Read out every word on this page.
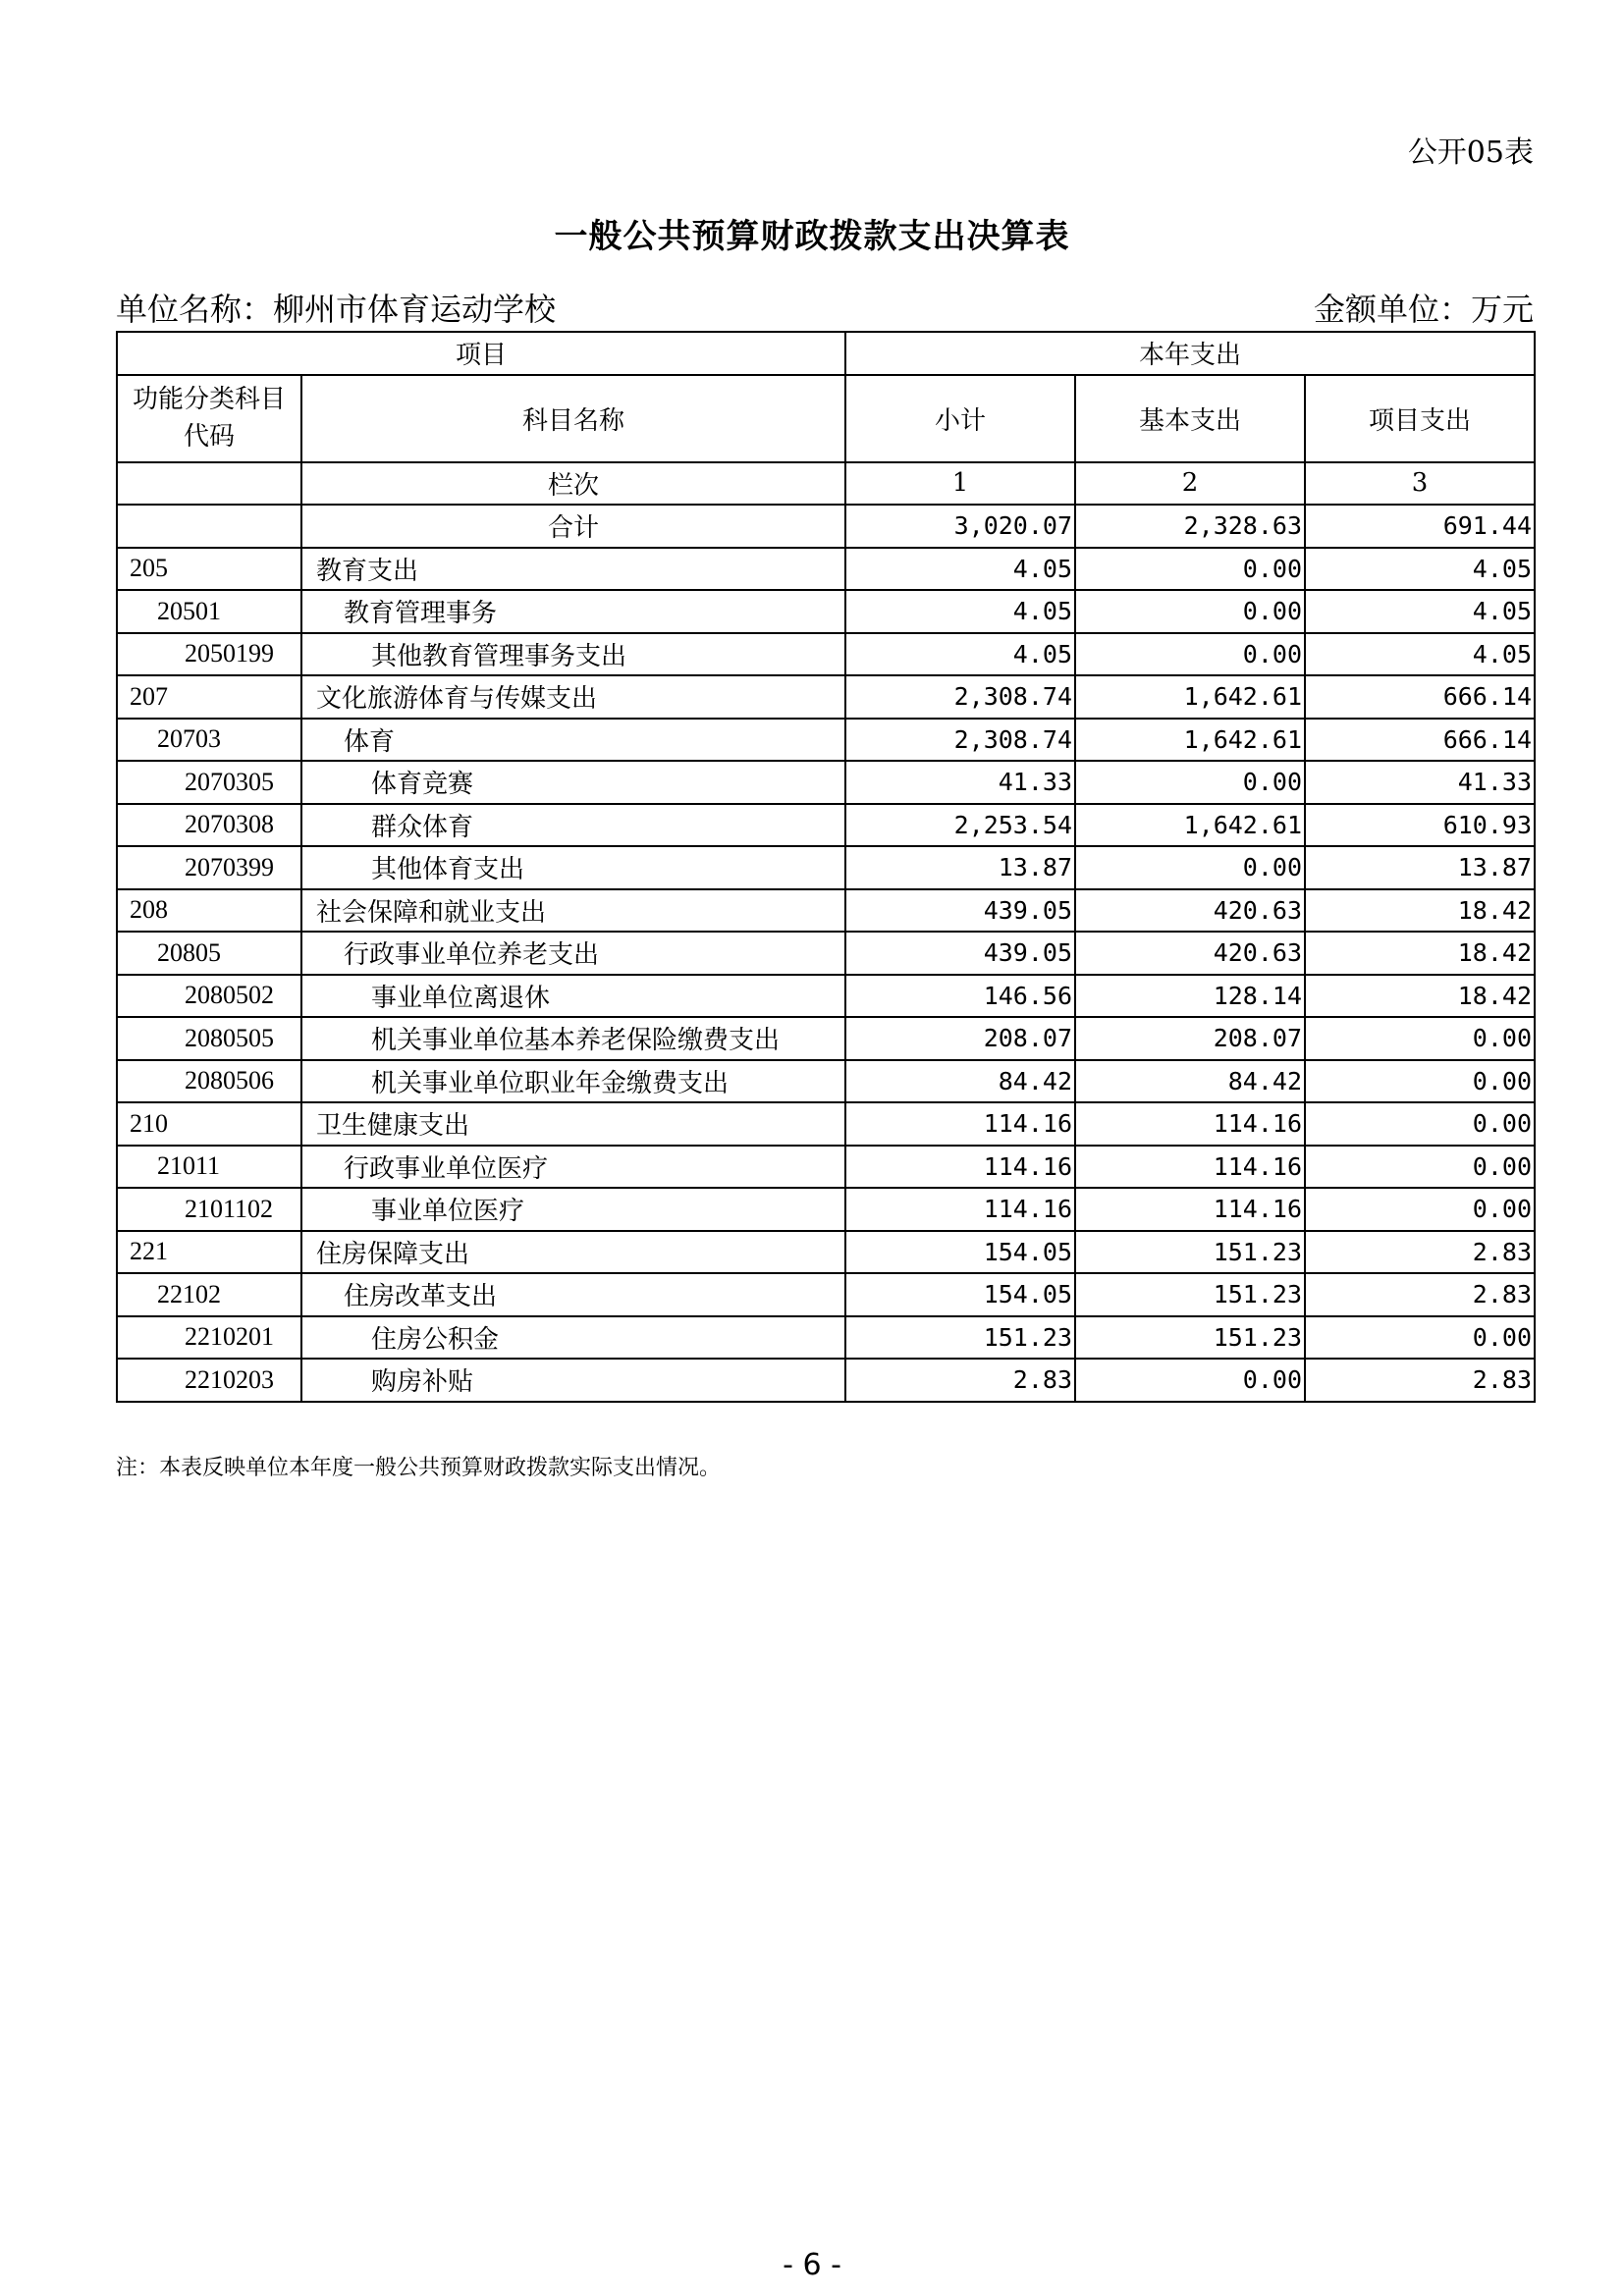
公开05表
一般公共预算财政拨款支出决算表
单位名称：柳州市体育运动学校	金额单位：万元
项目		本年支出		
功能分类科目
代码	科目名称	小计	基本支出	项目支出
	栏次	1	2	3
	合计	3,020.07	2,328.63	691.44
205	教育支出	4.05	0.00	4.05
20501	教育管理事务	4.05	0.00	4.05
2050199	其他教育管理事务支出	4.05	0.00	4.05
207	文化旅游体育与传媒支出	2,308.74	1,642.61	666.14
20703	体育	2,308.74	1,642.61	666.14
2070305	体育竞赛	41.33	0.00	41.33
2070308	群众体育	2,253.54	1,642.61	610.93
2070399	其他体育支出	13.87	0.00	13.87
208	社会保障和就业支出	439.05	420.63	18.42
20805	行政事业单位养老支出	439.05	420.63	18.42
2080502	事业单位离退休	146.56	128.14	18.42
2080505	机关事业单位基本养老保险缴费支出	208.07	208.07	0.00
2080506	机关事业单位职业年金缴费支出	84.42	84.42	0.00
210	卫生健康支出	114.16	114.16	0.00
21011	行政事业单位医疗	114.16	114.16	0.00
2101102	事业单位医疗	114.16	114.16	0.00
221	住房保障支出	154.05	151.23	2.83
22102	住房改革支出	154.05	151.23	2.83
2210201	住房公积金	151.23	151.23	0.00
2210203	购房补贴	2.83	0.00	2.83
注：本表反映单位本年度一般公共预算财政拨款实际支出情况。
- 6 -
